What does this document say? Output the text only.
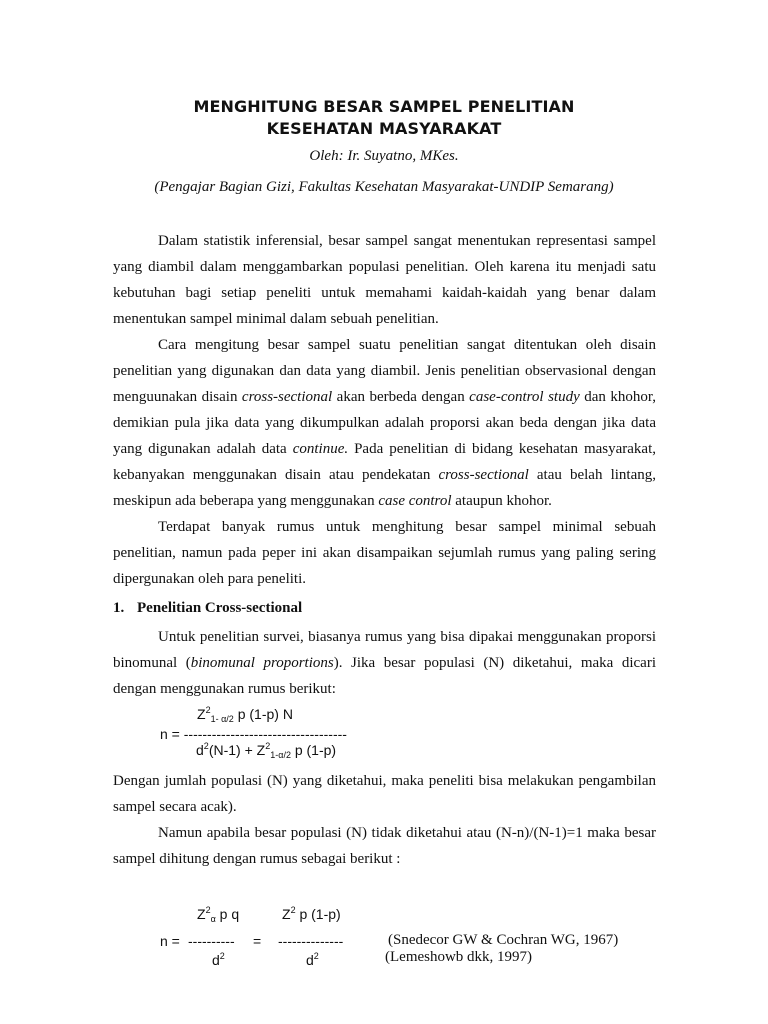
MENGHITUNG BESAR SAMPEL PENELITIAN
KESEHATAN MASYARAKAT
Oleh: Ir. Suyatno, MKes.
(Pengajar Bagian Gizi, Fakultas Kesehatan Masyarakat-UNDIP Semarang)

Dalam statistik inferensial, besar sampel sangat menentukan representasi sampel yang diambil dalam menggambarkan populasi penelitian. Oleh karena itu menjadi satu kebutuhan bagi setiap peneliti untuk memahami kaidah-kaidah yang benar dalam menentukan sampel minimal dalam sebuah penelitian.

Cara mengitung besar sampel suatu penelitian sangat ditentukan oleh disain penelitian yang digunakan dan data yang diambil. Jenis penelitian observasional dengan menguunakan disain cross-sectional akan berbeda dengan case-control study dan khohor, demikian pula jika data yang dikumpulkan adalah proporsi akan beda dengan jika data yang digunakan adalah data continue. Pada penelitian di bidang kesehatan masyarakat, kebanyakan menggunakan disain atau pendekatan cross-sectional atau belah lintang, meskipun ada beberapa yang menggunakan case control ataupun khohor.

Terdapat banyak rumus untuk menghitung besar sampel minimal sebuah penelitian, namun pada peper ini akan disampaikan sejumlah rumus yang paling sering dipergunakan oleh para peneliti.

1. Penelitian Cross-sectional

Untuk penelitian survei, biasanya rumus yang bisa dipakai menggunakan proporsi binomunal (binomunal proportions). Jika besar populasi (N) diketahui, maka dicari dengan menggunakan rumus berikut:

$Z^2_{1- \alpha/2}$ p (1-p) N
n = -----------------------------------
$d^2(N-1) + Z^2_{1-\alpha/2}$ p (1-p)

Dengan jumlah populasi (N) yang diketahui, maka peneliti bisa melakukan pengambilan sampel secara acak).

Namun apabila besar populasi (N) tidak diketahui atau (N-n)/(N-1)=1 maka besar sampel dihitung dengan rumus sebagai berikut :

$Z^2_\alpha$ p q	$Z^2$ p (1-p)
n = ---------- = --------------
$d^2$	$d^2$
(Snedecor GW & Cochran WG, 1967)
(Lemeshowb dkk, 1997)
